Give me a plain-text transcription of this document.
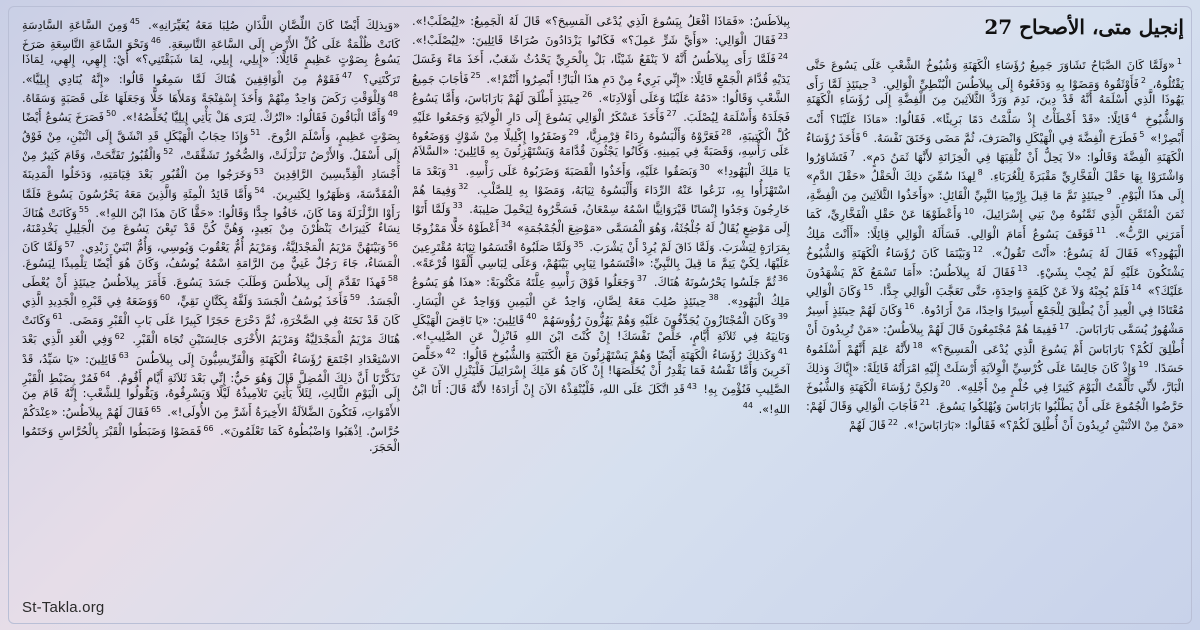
إنجيل متى، الأصحاح 27
$^1$«وَلَمَّا كَانَ الصَّبَاحُ تَشَاوَرَ جَمِيعُ رُؤَسَاءِ الْكَهَنَةِ وَشُيُوخُ الشَّعْبِ عَلَى يَسُوعَ حَتَّى يَقْتُلُوهُ، $^2$فَأَوْثَقُوهُ وَمَضَوْا بِهِ وَدَفَعُوهُ إِلَى بِيلاَطُسَ الْبُنْطِيِّ الْوَالِي. $^3$حِينَئِذٍ لَمَّا رَأَى يَهُوذَا الَّذِي أَسْلَمَهُ أَنَّهُ قَدْ دِينَ، نَدِمَ وَرَدَّ الثَّلاَثِينَ مِنَ الْفِضَّةِ إِلَى رُؤَسَاءِ الْكَهَنَةِ وَالشُّيُوخِ $^4$قَائِلًا: «قَدْ أَخْطَأْتُ إِذْ سَلَّمْتُ دَمًا بَرِيئًا». فَقَالُوا: «مَاذَا عَلَيْنَا؟ أَنْتَ أَبْصِرْ!» $^5$فَطَرَحَ الْفِضَّةَ فِي الْهَيْكَلِ وَانْصَرَفَ، ثُمَّ مَضَى وَخَنَقَ نَفْسَهُ. $^6$فَأَخَذَ رُؤَسَاءُ الْكَهَنَةِ الْفِضَّةَ وَقَالُوا: «لاَ يَحِلُّ أَنْ نُلْقِيَهَا فِي الْخِزَانَةِ لأَنَّهَا ثَمَنُ دَمٍ». $^7$فَتَشَاوَرُوا وَاشْتَرَوْا بِهَا حَقْلَ الْفَخَّارِيِّ مَقْبَرَةً لِلْغُرَبَاءِ. $^8$لِهذَا سُمِّيَ ذلِكَ الْحَقْلُ «حَقْلَ الدَّمِ» إِلَى هذَا الْيَوْمِ. $^9$حِينَئِذٍ تَمَّ مَا قِيلَ بِإِرْمِيَا النَّبِيِّ الْقَائِلِ: «وَأَخَذُوا الثَّلاَثِينَ مِنَ الْفِضَّةِ، ثَمَنَ الْمُثَمَّنِ الَّذِي ثَمَّنُوهُ مِنْ بَنِي إِسْرَائِيلَ، $^{10}$وَأَعْطَوْهَا عَنْ حَقْلِ الْفَخَّارِيِّ، كَمَا أَمَرَنِي الرَّبُّ». $^{11}$فَوَقَفَ يَسُوعُ أَمَامَ الْوَالِي. فَسَأَلَهُ الْوَالِي قِائِلًا: «أَأَنْتَ مَلِكُ الْيَهُودِ؟» فَقَالَ لَهُ يَسُوعُ: «أَنْتَ تَقُولُ». $^{12}$وَبَيْنَمَا كَانَ رُؤَسَاءُ الْكَهَنَةِ وَالشُّيُوخُ يَشْتَكُونَ عَلَيْهِ لَمْ يُجِبْ بِشَيْءٍ. $^{13}$فَقَالَ لَهُ بِيلاَطُسُ: «أَمَا تَسْمَعُ كَمْ يَشْهَدُونَ عَلَيْكَ؟» $^{14}$فَلَمْ يُجِبْهُ وَلاَ عَنْ كَلِمَةٍ وَاحِدَةٍ، حَتَّى تَعَجَّبَ الْوَالِي جِدًّا. $^{15}$وَكَانَ الْوَالِي مُعْتَادًا فِي الْعِيدِ أَنْ يُطْلِقَ لِلْجَمْعِ أَسِيرًا وَاحِدًا، مَنْ أَرَادُوهُ. $^{16}$وَكَانَ لَهُمْ حِينَئِذٍ أَسِيرٌ مَشْهُورٌ يُسَمَّى بَارَابَاسَ. $^{17}$فَفِيمَا هُمْ مُجْتَمِعُونَ قَالَ لَهُمْ بِيلاَطُسُ: «مَنْ تُرِيدُونَ أَنْ أُطْلِقَ لَكُمْ؟ بَارَابَاسَ أَمْ يَسُوعَ الَّذِي يُدْعَى الْمَسِيحَ؟» $^{18}$لأَنَّهُ عَلِمَ أَنَّهُمْ أَسْلَمُوهُ حَسَدًا. $^{19}$وَإِذْ كَانَ جَالِسًا عَلَى كُرْسِيِّ الْوِلاَيَةِ أَرْسَلَتْ إِلَيْهِ امْرَأَتُهُ قَائِلَةً: «إِيَّاكَ وَذلِكَ الْبَارَّ، لأَنِّي تَأَلَّمْتُ الْيَوْمَ كَثِيرًا فِي حُلْمٍ مِنْ أَجْلِهِ». $^{20}$وَلكِنَّ رُؤَسَاءَ الْكَهَنَةِ وَالشُّيُوخَ حَرَّضُوا الْجُمُوعَ عَلَى أَنْ يَطْلُبُوا بَارَابَاسَ وَيُهْلِكُوا يَسُوعَ. $^{21}$فَأجَابَ الْوَالِي وَقَالَ لَهُمْ: «مَنْ مِنْ الاثْنَيْنِ تُرِيدُونَ أَنْ أُطْلِقَ لَكُمْ؟» فَقَالُوا: «بَارَابَاسَ!». $^{22}$قَالَ لَهُمْ
بِيلاَطُسُ: «فَمَاذَا أَفْعَلُ بِيَسُوعَ الَّذِي يُدْعَى الْمَسِيحَ؟» قَالَ لَهُ الْجَمِيعُ: «لِيُصْلَبْ!». $^{23}$فَقَالَ الْوَالِي: «وَأَيَّ شَرٍّ عَمِلَ؟» فَكَانُوا يَزْدَادُونَ صُرَاخًا قَائِلِينَ: «لِيُصْلَبْ!». $^{24}$فَلَمَّا رَأَى بِيلاَطُسُ أَنَّهُ لاَ يَنْفَعُ شَيْئًا، بَلْ بِالْحَرِيِّ يَحْدُثُ شَغَبٌ، أَخَذَ مَاءً وَغَسَلَ يَدَيْهِ قُدَّامَ الْجَمْعِ قَائِلًا: «إِنِّي بَرِيءٌ مِنْ دَمِ هذَا الْبَارِّ! أَبْصِرُوا أَنْتُمْ!». $^{25}$فَأجَابَ جَمِيعُ الشَّعْبِ وَقَالُوا: «دَمُهُ عَلَيْنَا وَعَلَى أَوْلاَدِنَا». $^{26}$حِينَئِذٍ أَطْلَقَ لَهُمْ بَارَابَاسَ، وَأَمَّا يَسُوعُ فَجَلَدَهُ وَأَسْلَمَهُ لِيُصْلَبَ. $^{27}$فَأَخَذَ عَسْكَرُ الْوَالِي يَسُوعَ إِلَى دَارِ الْوِلاَيَةِ وَجَمَعُوا عَلَيْهِ كُلَّ الْكَتِيبَةِ، $^{28}$فَعَرَّوْهُ وَأَلْبَسُوهُ رِدَاءً قِرْمِزِيًّا، $^{29}$وَضَفَرُوا إِكْلِيلًا مِنْ شَوْكٍ وَوَضَعُوهُ عَلَى رَأْسِهِ، وَقَصَبَةً فِي يَمِينِهِ. وَكَانُوا يَجْثُونَ قُدَّامَهُ وَيَسْتَهْزِئُونَ بِهِ قَائِلِينَ: «السَّلاَمُ يَا مَلِكَ الْيَهُودِ!» $^{30}$وَبَصَقُوا عَلَيْهِ، وَأَخَذُوا الْقَصَبَةَ وَضَرَبُوهُ عَلَى رَأْسِهِ. $^{31}$وَبَعْدَ مَا اسْتَهْزَأُوا بِهِ، نَزَعُوا عَنْهُ الرِّدَاءَ وَأَلْبَسُوهُ ثِيَابَهُ، وَمَضَوْا بِهِ لِلصَّلْبِ. $^{32}$وَفِيمَا هُمْ خَارِجُونَ وَجَدُوا إِنْسَانًا قَيْرَوَانِيًّا اسْمُهُ سِمْعَانُ، فَسَخَّرُوهُ لِيَحْمِلَ صَلِيبَهُ. $^{33}$وَلَمَّا أَتَوْا إِلَى مَوْضِعٍ يُقَالُ لَهُ جُلْجُثَةُ، وَهُوَ الْمُسَمَّى «مَوْضِعَ الْجُمْجُمَةِ» $^{34}$أَعْطَوْهُ خَلًّا مَمْزُوجًا بِمَرَارَةٍ لِيَشْرَبَ. وَلَمَّا ذَاقَ لَمْ يُرِدْ أَنْ يَشْرَبَ. $^{35}$وَلَمَّا صَلَبُوهُ اقْتَسَمُوا ثِيَابَهُ مُقْتَرِعِينَ عَلَيْهَا، لِكَيْ يَتِمَّ مَا قِيلَ بِالنَّبِيِّ: «اقْتَسَمُوا ثِيَابِي بَيْنَهُمْ، وَعَلَى لِبَاسِي أَلْقَوْا قُرْعَةً». $^{36}$ثُمَّ جَلَسُوا يَحْرُسُونَهُ هُنَاكَ. $^{37}$وَجَعَلُوا فَوْقَ رَأْسِهِ عِلَّتَهُ مَكْتُوبَةً: «هذَا هُوَ يَسُوعُ مَلِكُ الْيَهُودِ». $^{38}$حِينَئِذٍ صُلِبَ مَعَهُ لِصَّانِ، وَاحِدٌ عَنِ الْيَمِينِ وَوَاحِدٌ عَنِ الْيَسَارِ. $^{39}$وَكَانَ الْمُجْتَازُونَ يُجَدِّفُونَ عَلَيْهِ وَهُمْ يَهُزُّونَ رُؤُوسَهُمْ $^{40}$قَائِلِينَ: «يَا نَاقِضَ الْهَيْكَلِ وَبَانِيَهُ فِي ثَلاَثَةِ أَيَّامٍ، خَلِّصْ نَفْسَكَ! إِنْ كُنْتَ ابْنَ اللهِ فَانْزِلْ عَنِ الصَّلِيبِ!». $^{41}$وَكَذلِكَ رُؤَسَاءُ الْكَهَنَةِ أَيْضًا وَهُمْ يَسْتَهْزِئُونَ مَعَ الْكَتَبَةِ وَالشُّيُوخِ قَالُوا: $^{42}$«خَلَّصَ آخَرِينَ وَأَمَّا نَفْسُهُ فَمَا يَقْدِرُ أَنْ يُخَلِّصَهَا! إِنْ كَانَ هُوَ مَلِكَ إِسْرَائِيلَ فَلْيَنْزِلِ الآنَ عَنِ الصَّلِيبِ فَنُؤْمِنَ بِهِ! $^{43}$قَدِ اتَّكَلَ عَلَى اللهِ، فَلْيُنْقِذْهُ الآنَ إِنْ أَرَادَهُ! لأَنَّهُ قَالَ: أَنَا ابْنُ اللهِ!». $^{44}$
«وَبِذلِكَ أَيْضًا كَانَ اللِّصَّانِ اللَّذَانِ صُلِبَا مَعَهُ يُعَيِّرَانِهِ». $^{45}$وَمِنَ السَّاعَةِ السَّادِسَةِ كَانَتْ ظُلْمَةٌ عَلَى كُلِّ الأَرْضِ إِلَى السَّاعَةِ التَّاسِعَةِ. $^{46}$وَنَحْوَ السَّاعَةِ التَّاسِعَةِ صَرَخَ يَسُوعُ بِصَوْتٍ عَظِيمٍ قَائِلًا: «إِيلِي، إِيلِي، لِمَا شَبَقْتَنِي؟» أَيْ: إِلهِي، إِلهِي، لِمَاذَا تَرَكْتَنِي؟ $^{47}$فَقَوْمٌ مِنَ الْوَاقِفِينَ هُنَاكَ لَمَّا سَمِعُوا قَالُوا: «إِنَّهُ يُنَادِي إِيلِيَّا». $^{48}$وَلِلْوَقْتِ رَكَضَ وَاحِدٌ مِنْهُمْ وَأَخَذَ إِسْفِنْجَةً وَمَلأَهَا خَلًّا وَجَعَلَهَا عَلَى قَصَبَةٍ وَسَقَاهُ. $^{49}$وَأَمَّا الْبَاقُونَ فَقَالُوا: «اتْرُكْ. لِنَرَى هَلْ يَأْتِي إِيلِيَّا يُخَلِّصُهُ!». $^{50}$فَصَرَخَ يَسُوعُ أَيْضًا بِصَوْتٍ عَظِيمٍ، وَأَسْلَمَ الرُّوحَ. $^{51}$وَإِذَا حِجَابُ الْهَيْكَلِ قَدِ انْشَقَّ إِلَى اثْنَيْنِ، مِنْ فَوْقُ إِلَى أَسْفَلُ. وَالأَرْضُ تَزَلْزَلَتْ، وَالصُّخُورُ تَشَقَّقَتْ، $^{52}$وَالْقُبُورُ تَفَتَّحَتْ، وَقَامَ كَثِيرٌ مِنْ أَجْسَادِ الْقِدِّيسِينَ الرَّاقِدِينَ $^{53}$وَخَرَجُوا مِنَ الْقُبُورِ بَعْدَ قِيَامَتِهِ، وَدَخَلُوا الْمَدِينَةَ الْمُقَدَّسَةَ، وَظَهَرُوا لِكَثِيرِينَ. $^{54}$وَأَمَّا قَائِدُ الْمِئَةِ وَالَّذِينَ مَعَهُ يَحْرُسُونَ يَسُوعَ فَلَمَّا رَأَوْا الزَّلْزَلَةَ وَمَا كَانَ، خَافُوا جِدًّا وَقَالُوا: «حَقًّا كَانَ هذَا ابْنَ اللهِ!». $^{55}$وَكَانَتْ هُنَاكَ نِسَاءٌ كَثِيرَاتٌ يَنْظُرْنَ مِنْ بَعِيدٍ، وَهُنَّ كُنَّ قَدْ تَبِعْنَ يَسُوعَ مِنَ الْجَلِيلِ يَخْدِمْنَهُ، $^{56}$وَبَيْنَهُنَّ مَرْيَمُ الْمَجْدَلِيَّةُ، وَمَرْيَمُ أُمُّ يَعْقُوبَ وَيُوسِي، وَأُمُّ ابْنَيْ زَبْدِي. $^{57}$وَلَمَّا كَانَ الْمَسَاءُ، جَاءَ رَجُلٌ غَنِيٌّ مِنَ الرَّامَةِ اسْمُهُ يُوسُفُ، وَكَانَ هُوَ أَيْضًا تِلْمِيذًا لِيَسُوعَ. $^{58}$فَهذَا تَقَدَّمَ إِلَى بِيلاَطُسَ وَطَلَبَ جَسَدَ يَسُوعَ. فَأَمَرَ بِيلاَطُسُ حِينَئِذٍ أَنْ يُعْطَى الْجَسَدُ. $^{59}$فَأَخَذَ يُوسُفُ الْجَسَدَ وَلَفَّهُ بِكَتَّانٍ نَقِيٍّ، $^{60}$وَوَضَعَهُ فِي قَبْرِهِ الْجَدِيدِ الَّذِي كَانَ قَدْ نَحَتَهُ فِي الصَّخْرَةِ، ثُمَّ دَحْرَجَ حَجَرًا كَبِيرًا عَلَى بَابِ الْقَبْرِ وَمَضَى. $^{61}$وَكَانَتْ هُنَاكَ مَرْيَمُ الْمَجْدَلِيَّةُ وَمَرْيَمُ الأُخْرَى جَالِسَتَيْنِ تُجَاهَ الْقَبْرِ. $^{62}$وَفِي الْغَدِ الَّذِي بَعْدَ الاسْتِعْدَادِ اجْتَمَعَ رُؤَسَاءُ الْكَهَنَةِ وَالْفَرِّيسِيُّونَ إِلَى بِيلاَطُسَ $^{63}$قَائِلِينَ: «يَا سَيِّدُ، قَدْ تَذَكَّرْنَا أَنَّ ذلِكَ الْمُضِلَّ قَالَ وَهُوَ حَيٌّ: إِنِّي بَعْدَ ثَلاَثَةِ أَيَّامٍ أَقُومُ. $^{64}$فَمُرْ بِضَبْطِ الْقَبْرِ إِلَى الْيَوْمِ الثَّالِثِ، لِئَلاَّ يَأْتِيَ تَلاَمِيذُهُ لَيْلًا وَيَسْرِقُوهُ، وَيَقُولُوا لِلشَّعْبِ: إِنَّهُ قَامَ مِنَ الأَمْوَاتِ، فَتَكُونَ الضَّلاَلَةُ الأَخِيرَةُ أَشَرَّ مِنَ الأُولَى!». $^{65}$فَقَالَ لَهُمْ بِيلاَطُسُ: «عِنْدَكُمْ حُرَّاسٌ. اِذْهَبُوا وَاضْبُطُوهُ كَمَا تَعْلَمُونَ». $^{66}$فَمَضَوْا وَضَبَطُوا الْقَبْرَ بِالْحُرَّاسِ وَخَتَمُوا الْحَجَرَ.
St-Takla.org
